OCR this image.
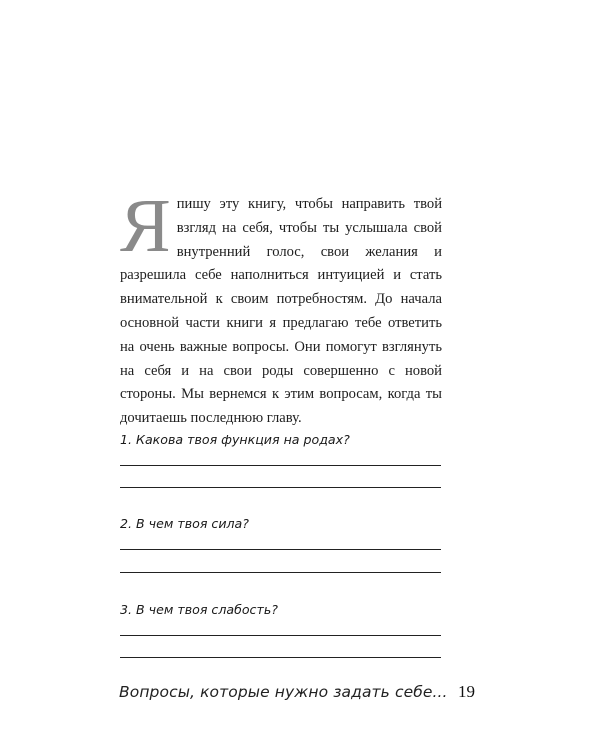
Я пишу эту книгу, чтобы направить твой взгляд на себя, чтобы ты услышала свой внутренний голос, свои желания и разрешила себе наполниться интуицией и стать внимательной к своим потребностям. До начала основной части книги я предлагаю тебе ответить на очень важные вопросы. Они помогут взглянуть на себя и на свои роды совершенно с новой стороны. Мы вернемся к этим вопросам, когда ты дочитаешь последнюю главу.

1. Какова твоя функция на родах?
2. В чем твоя сила?
3. В чем твоя слабость?
Вопросы, которые нужно задать себе... 19
